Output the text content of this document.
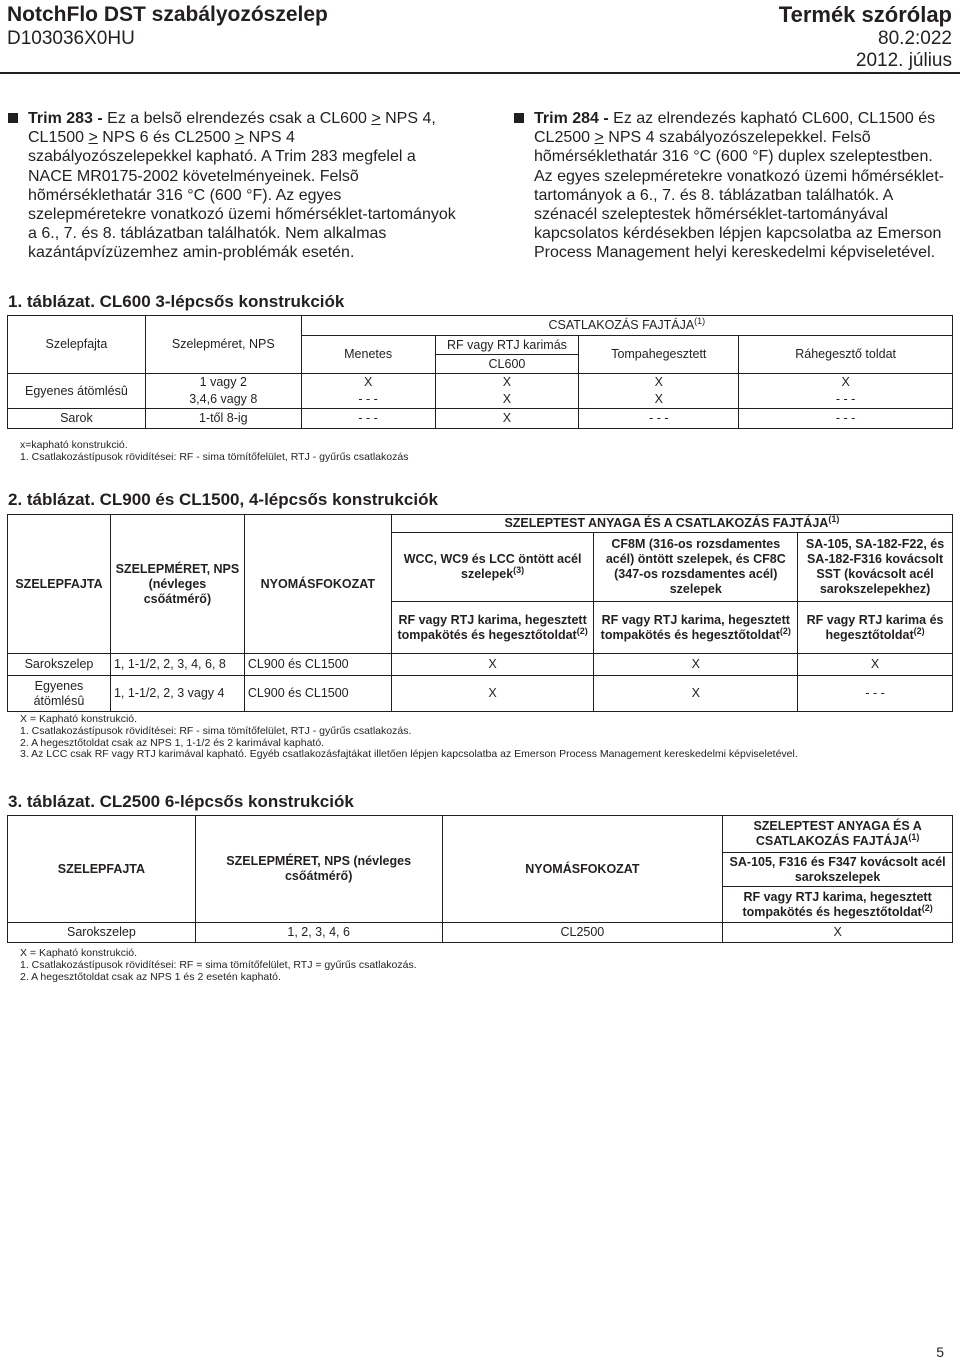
NotchFlo DST szabályozószelep
D103036X0HU
Termék szórólap
80.2:022
2012. július
Trim 283 - Ez a belsõ elrendezés csak a CL600 > NPS 4, CL1500 > NPS 6 és CL2500 > NPS 4 szabályozószelepekkel kapható. A Trim 283 megfelel a NACE MR0175-2002 követelményeinek. Felsõ hõmérséklethatár 316 °C (600 °F). Az egyes szelepméretekre vonatkozó üzemi hőmérséklet-tartományok a 6., 7. és 8. táblázatban találhatók. Nem alkalmas kazántápvízüzemhez amin-problémák esetén.
Trim 284 - Ez az elrendezés kapható CL600, CL1500 és CL2500 > NPS 4 szabályozószelepekkel. Felsõ hõmérséklethatár 316 °C (600 °F) duplex szeleptestben. Az egyes szelepméretekre vonatkozó üzemi hőmérséklet-tartományok a 6., 7. és 8. táblázatban találhatók. A szénacél szeleptestek hõmérséklet-tartományával kapcsolatos kérdésekben lépjen kapcsolatba az Emerson Process Management helyi kereskedelmi képviseletével.
1. táblázat. CL600 3-lépcsős konstrukciók
Szelepfajta	Szelepméret, NPS	CSATLAKOZÁS FAJTÁJA$^{(1)}$
		Menetes	RF vagy RTJ karimás	Tompahegesztett	Ráhegesztő toldat
			CL600		
Egyenes átömlésû	1 vagy 2	X	X	X	X
	3,4,6 vagy 8	- - -	X	X	- - -
Sarok	1-től 8-ig	- - -	X	- - -	- - -
x=kapható konstrukció.
1. Csatlakozástípusok rövidítései: RF - sima tömítőfelület, RTJ - gyűrűs csatlakozás
2. táblázat. CL900 és CL1500, 4-lépcsős konstrukciók
SZELEPFAJTA	SZELEPMÉRET, NPS (névleges csőátmérő)	NYOMÁSFOKOZAT	SZELEPTEST ANYAGA ÉS A CSATLAKOZÁS FAJTÁJA$^{(1)}$
			WCC, WC9 és LCC öntött acél szelepek$^{(3)}$	CF8M (316-os rozsdamentes acél) öntött szelepek, és CF8C (347-os rozsdamentes acél) szelepek	SA-105, SA-182-F22, és SA-182-F316 kovácsolt SST (kovácsolt acél sarokszelepekhez)
			RF vagy RTJ karima, hegesztett tompakötés és hegesztőtoldat$^{(2)}$	RF vagy RTJ karima, hegesztett tompakötés és hegesztőtoldat$^{(2)}$	RF vagy RTJ karima és hegesztőtoldat$^{(2)}$
Sarokszelep	1, 1-1/2, 2, 3, 4, 6, 8	CL900 és CL1500	X	X	X
Egyenes átömlésû	1, 1-1/2, 2, 3 vagy 4	CL900 és CL1500	X	X	- - -
X = Kapható konstrukció.
1. Csatlakozástípusok rövidítései: RF - sima tömítőfelület, RTJ - gyűrűs csatlakozás.
2. A hegesztőtoldat csak az NPS 1, 1-1/2 és 2 karimával kapható.
3. Az LCC csak RF vagy RTJ karimával kapható. Egyéb csatlakozásfajtákat illetően lépjen kapcsolatba az Emerson Process Management kereskedelmi képviseletével.
3. táblázat. CL2500 6-lépcsős konstrukciók
SZELEPFAJTA	SZELEPMÉRET, NPS (névleges csőátmérő)	NYOMÁSFOKOZAT	SZELEPTEST ANYAGA ÉS A CSATLAKOZÁS FAJTÁJA$^{(1)}$
			SA-105, F316 és F347 kovácsolt acél sarokszelepek
			RF vagy RTJ karima, hegesztett tompakötés és hegesztőtoldat$^{(2)}$
Sarokszelep	1, 2, 3, 4, 6	CL2500	X
X = Kapható konstrukció.
1. Csatlakozástípusok rövidítései: RF = sima tömítőfelület, RTJ = gyűrűs csatlakozás.
2. A hegesztőtoldat csak az NPS 1 és 2 esetén kapható.
5
